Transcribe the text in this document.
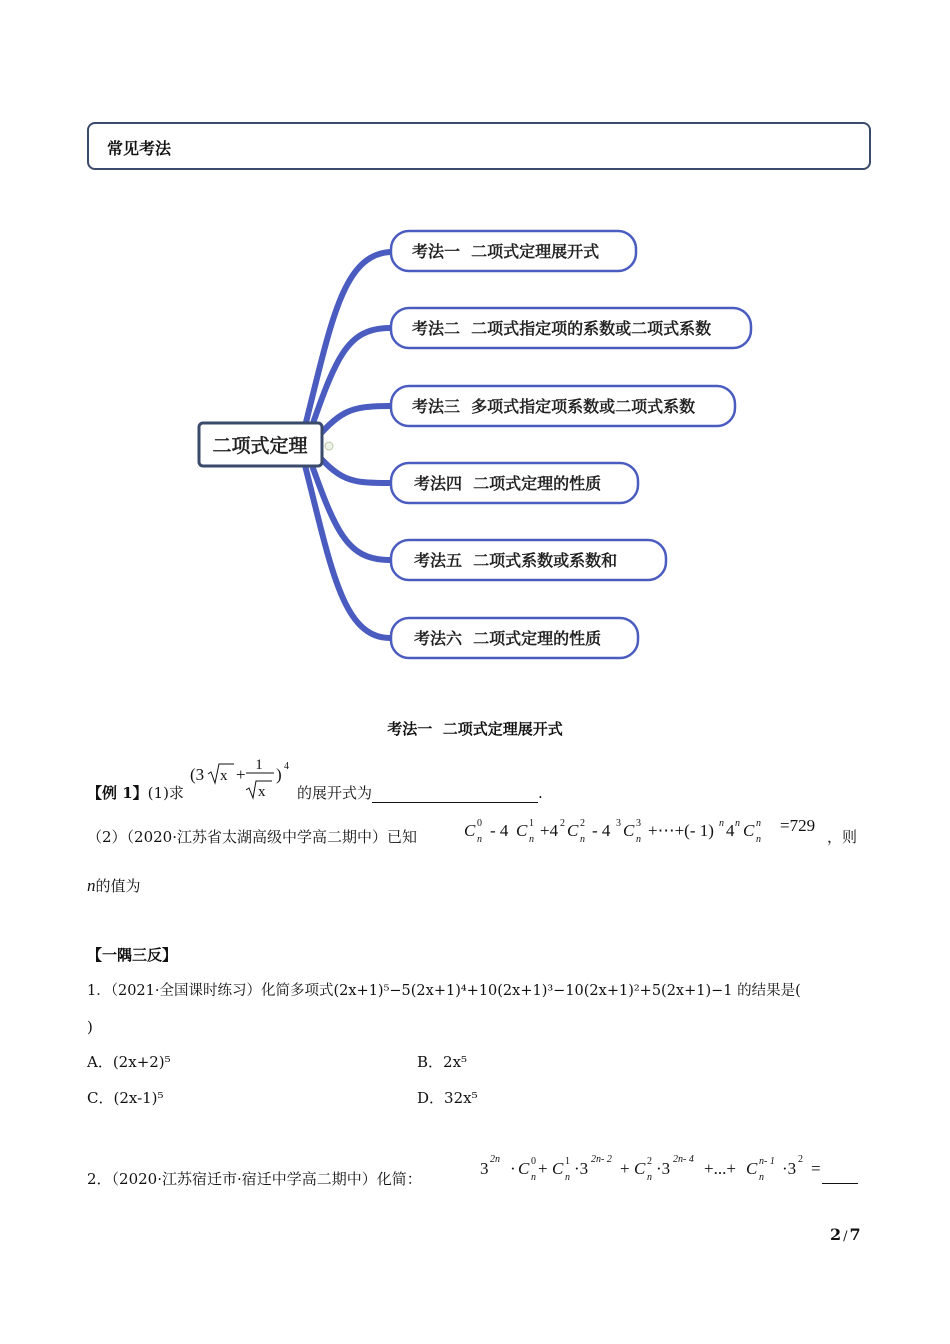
常见考法
二项式定理
考法一  二项式定理展开式
考法二  二项式指定项的系数或二项式系数
考法三  多项式指定项系数或二项式系数
考法四  二项式定理的性质
考法五  二项式系数或系数和
考法六  二项式定理的性质
考法一  二项式定理展开式
【例 1】(1)求
(3 x + 1
x
) 4
的展开式为	.
（2）（2020·江苏省太湖高级中学高二期中）已知	C 0
n - 4 C 1
n +4 2 C 2
n - 4 3 C 3
n +⋯+(- 1) n 4 n C n
n
=729
，则
n的值为
【一隅三反】
1．（2021·全国课时练习）化简多项式(2x+1)⁵−5(2x+1)⁴+10(2x+1)³−10(2x+1)²+5(2x+1)−1 的结果是(
)
A．(2x+2)⁵	B．2x⁵
C．(2x-1)⁵	D．32x⁵
2．（2020·江苏宿迁市·宿迁中学高二期中）化简：
3 2n · C 0
n + C 1
n ·3 2n- 2 + C 2
n ·3 2n- 4 +...+ C n- 1
n ·3 2 =
2 / 7
